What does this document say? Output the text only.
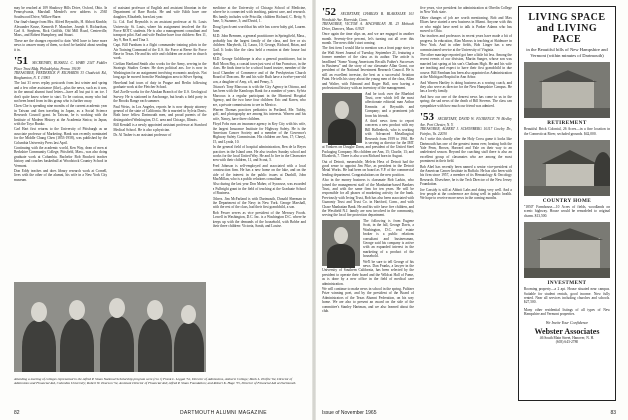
may be reached at 109 Shadowy Hills Drive, Oxford, Ohio. In Pennsylvania, Marshall Mendel's new address is 2565 Southwood Drive, Wilkes-Barre.

Our final-change from Mrs. Alfred Reynolds, H. Abbott Kimble, Alexander Kruse, Kenneth F. Manchee, Joseph S. Richardson, Carl A. Stephens, Rick Griffith, Old Mill Road, Centerville, Mass., and Robert Humphrey, and Stuart.

These are the changes reported to date. Well have to have more news to answer many of them, so don't be bashful about sending it in.

'51 SECRETARY, RUSSELL C. HABY 2347 Fiddler Place Trust Bldg. Philadelphia, Penna. 19109

TREASURER, FREDERICK P. RICHARDS 33 Chadwick Rd., Binghamton, N. Y. 13903

The last 31 news replay postcards from last winter and spring and a few other assistance (like)—plus the news, such as it was, in the annual alumni fund letters—have all but put it on ice. I don't quite know where to start. To be curious, many who had not been heard from in this group who is further away.

Chen Che is spending nine months of the current academic year in Taiwan and then traveling in Japan, as a Social Science Research Council grant. In Taiwan, he is working with the Institute of Modern History at the Academia Sinica; in Japan, with the Toyo Bunko.

Carl Hart first returns to the University of Pittsburgh as an associate professor of Marketing. Hank was recently nominated for the Middle Chang Chen (1853-1958), was published by the Columbia University Press last April.

Continuing with the academic world, Ken Way, dean of men at Berkshire Community College, Pittsfield, Mass., was also doing graduate work at Columbia. Bachelor Bob Brackett teaches history and coaches basketball at Woodstock Country School in Vermont.

Don Eddy teaches and does library research work at Cornell, lives with the other of the alumni, his wife in a New York City museum.

of assistant professor of English and assistant librarian in the Department of Rare Books. He and wife Edith have one daughter, Elizabeth, born last year.

Lt. Col. Earl Reynolds is an assistant professor at St. Louis University. St. Louis, where his assignment involved the Air Force ROTC students. He is also a management consultant and transport pilot. Earl and wife Pauline have four children: Rex 11, Jay 9, Bea 8, and Tina 3.

Capt. Bill Farnham is a flight commander training pilots in the Air Training Command of the U.S. Air Force at Reese Air Force Base in Texas. He and his wife and children are active in church work.

Civilian Hartland Smith also works for the Army, serving in the Strategic Studies Center. He does political ans. Joe is now in Washington for an assignment involving economic analysis. Not long ago he moved from the Washington area to Silver Spring.

Havelund had tours of duty in Prague and Berlin following graduate work at the Fletcher School.

Earl Zoelle works for the Alaskan Branch of the U.S. Geological Survey. He is stationed in Anchorage, but heads a field party in the Brooks Range each summer.

Paul Weiss, in Los Angeles, reports he is now deputy attorney general of the state of California. He is married to Sylvia Davis. Both have fellow Dartmouth men, and proud parents of the distinguished Washington, D.C. area and Chicago, Illinois.

Bill Kendall is a newly appointed assistant professor at Stanford Medical School. He is also a physician.

Dr. Al Tasber is an assistant professor of

medicine at the University of Chicago School of Medicine, where he is connected with teaching, patient care, and research. His family includes wife Priscilla; children Richard, C. Betty, 9; Jane, 5; Suzanne, 3; and David, 1.

Doug Lynch sent word that his wife has a new baby girl, Lauren. June.

M.D. John Brennen, a general practitioner in Springfield, Mass., probably has the largest family of the class, and five or six children: Marybeth, 12; Laura, 10; George, Richard, Brian, and Gail. It looks like the class held a reunion at their house last spring.

M.D. George Goldthorpe is also a general practitioner, but in Half Moon Bay, a coastal town just west of San Francisco, in the class. He finds time to be a school board trustee, member of the local Chamber of Commerce and of the Presbyterian Church Board of Deacons. He and his wife Ruth have a twelve-year-old son, a daughter of Amy, a 6, and Penny, 5.

Ottawa's Tony Marcoux is with the City Agency in Ottawa, and has been with the Kamloops Bank for a number of years. Sylvia Marcoux is a regular participant in the Montreal Hospital Agency, and the two have four children: Eric and Karen, who are, a private commissions to see in Mexico.

Warren Thomas practices pediatrics in Portland, Me. Tubby, golf, and photography are among his interests. Warren and his wife, Nancy, have three children.

Floyd Fobs runs an insurance agency in Key City with his wife, the largest Insurance Institute for Highway Safety. He is the American Cancer Society and a member of the Governor's Highway Safety Commission. His children are Ann, 17; Cheryl, 15, and Lynda, 10.

In the general field of hospital administration, Ben de la Reyes practices in the Island area. He also teaches Sunday school and works for the local United Way. He and Jo live in the Clearwater area with their children, 11, and Scout, 5.

Fred Johnson is self-employed and associated with a local construction firm. He has a new home on the lake, and on the side of the interest in the public issues at Dunhill, John MacMillan, who is a public relations consultant.

Also during the last year Don Maher, of Syracuse, was awarded a Fulbright grant in the field of teaching at the Graduate School of Business.

Others. Jim McFarland is with Dartmouth, Donald Sherman in the Department of the Navy in New York. George Marshall, with the rest of the class, had their first grandchild, a son.

Bob Fesser serves as vice president of the Mercury Foods. Lowell in Washington, D.C. Inc. is a Washington D.C. where he keeps up with the demands of the household, with Bobbe and their three children: Victoria, Sarah, and Louise.

Attending a meeting of colleges represented in the Alfred P. Sloan National Scholarship program were (l to r) Frank L. Leggat '52, Director of Admissions, Amherst College; Mark L. Profile '64, Director of Admissions and Financial Aid, Columbia University; Robert W. Pearson '54, Assistant Director of Financial Aid; Alfred P. Sloan Foundation; and Robert K. Hage '55, Director of Financial Aid at Dartmouth.
82	DARTMOUTH ALUMNI MAGAZINE
'52 SECRETARY, CHARLES B. BLAKESLEE 101 Woodside Ave. Riverside, Conn.

TREASURER, VICTOR A. MACFARLAN JR. 23 Mohawk Drive, Danvers, Mass. 01923

Once again the time slips on, and we are engaged in another month. Seventy-five percent, let's turning out all over this month. The news didn't start coming.

The first item I would like to mention was a front page story in the Wall Street Journal of Tuesday, September 21, featuring a former member of the class as its author. The article is headlined "Some Young Americans Recalls Father's Successes in Business" and the story of our classmate Allan Grant, our president of the National Investment Research Council. He is still an excellent investor, the best as a successful Aviation Paint. He tells his story about the young men of the class, Allan and Walter, with Edmund and Roger Hall, now having a professional history with an inventory of the management.

And he took over the Bluebird Trust, over which fell the most affectionate editorial man Arthur Kemnitz at Reynolds and Company; and a prominent job from his friends.

A third news item to report concerns a new product with my Bill Hallenbeck, who is working with Advanced Metallurgical Research from 1959 to 1961. He is serving as director for the IMT at Yonkers on Doughe Dann, and president of the United Steel Packaging Company. His children are Ann, 15; Charlie, 13; and Elizabeth, 7. There is also a son Richard born in August.

Out of Detroit, meanwhile, Melvin Hess of Detroit had the good sense to appoint Jim Pike, as president in the Detroit Metal Works. He had been on board as V.P. of the commercial lending department. Congratulations on the new position.

Also in the money business is classmate Bob Larkin, who joined the management staff of the Manhattan-based Bankers Trust, and with the same firm for ten years. He will be responsible for all phases of marketing activity for the bank. Previously with Irving Trust, Bob has also been associated with Guaranty Trust and Trust Co. in Hartford, Conn., and with Chase Manhattan Bank. He and his wife have five children, and the Westfield N.J. family are now involved in the community, serving the local fire protection department.

The following is from Eugene Scott, in the fall, George Davis, a Washington, D.C. real estate broker is a public relations consultant and businessman, George said his company is active with an expanded interest in the marketing of a product of the household.

We'll be sure to tell George of his news. Dan Franks, a lawyer in the University of Southern California, has been selected by the president to operate their board and the Wildcat Hall of Fame, as is done by a new office in the field of medical care administration.

We will continue to make news in school in the spring. Pulitzer Prize winning poet, and by the president of the Board of Administrators of the Texas Alumni Federation, on his way home. We are also to present an award on the side of the committee's Stanley Hartman, and we also learned about the club.

five years, vice president for administration at Oberlin College in New York state.

Other changes of job are worth mentioning. Bob and Max Eliaes have started a new business in Miami. Anyone with this or who might have need to talk is Parker Adams who has moved to Ohio.

Our teachers and professors in recent years have made a bit of progress. In education, Alan Marcus is teaching at Skidmore in New York. And in other fields, Bob Linger has a new commissioned service at the University of Virginia.

The other marriage reported got here a little bit less. Among the recent events of our division, Martin Sanger, whose son was married last spring at his son's Chatham High. He and his wife are teaching and expect to have their first grandchild in due course. Bill Farnham has been also appointed as Administration at the Michigan Hospital in Ann Arbor.

And Warren Hartley is doing business as a rowing coach, and they also serve as director for the New Hampshire Campus. He has a lovely family.

And how our one of the dearest news has come to us in the spring; the sad news of the death of Bill Stevens. The class can sympathize with how much our friend was admired.

'53 SECRETARY, DAVID W. FLORENCE 78 Medley Ave. Port Chester, N. Y.

TREASURER, ALBERT J. SCHONBERG 10117 Cowley Dr., Fairfax, Va. 22030

As I write this shortly after the Holy Cross game it looks like Dartmouth has one of the greatest teams ever, beating both the Yale Penn, Brown, Harvard and Yale on their way to an undefeated season. Beyond the coaching staff there is also an excellent group of classmates who are among the most prominent in their field.

Bob Abel has recently been named a senior vice-president of the American Cancer Institute in Buffalo. He has also been with his firm since 1957, a member of its Hematology & Oncology Research. Elsewhere, he is the Tech Director of the New Jersey Foundation.

Joe Cassidy is still at Abbott Labs and doing very well. And a few people at the conference are doing well in public health. We hope to receive more news in the coming months.

LIVING SPACE and LIVING PACE
in the Beautiful hills of New Hampshire and Vermont (within minutes of Dartmouth)
RETIREMENT
Beautiful Brick Colonial, 26 Acres—in a fine location in the Connecticut River, secluded grounds. $42,000.
COUNTRY HOME
"1850" Farmhouse—10 Acres of fields, woodlands on scenic highway. House would be remodeled to original charm. $13,500.
INVESTMENT
Rooming property—a 2 apt. House situated near campus. Suitable for student rentals, good income. Now fully rented. Near all services including churches and schools. $27,500.
Many other residential listings of all types of New Hampshire and Vermont properties.
We Invite Your Confidence
Webster Associates
46 South Main Street, Hanover, N. H.
(603) 643-2780
Issue of November 1965	83
